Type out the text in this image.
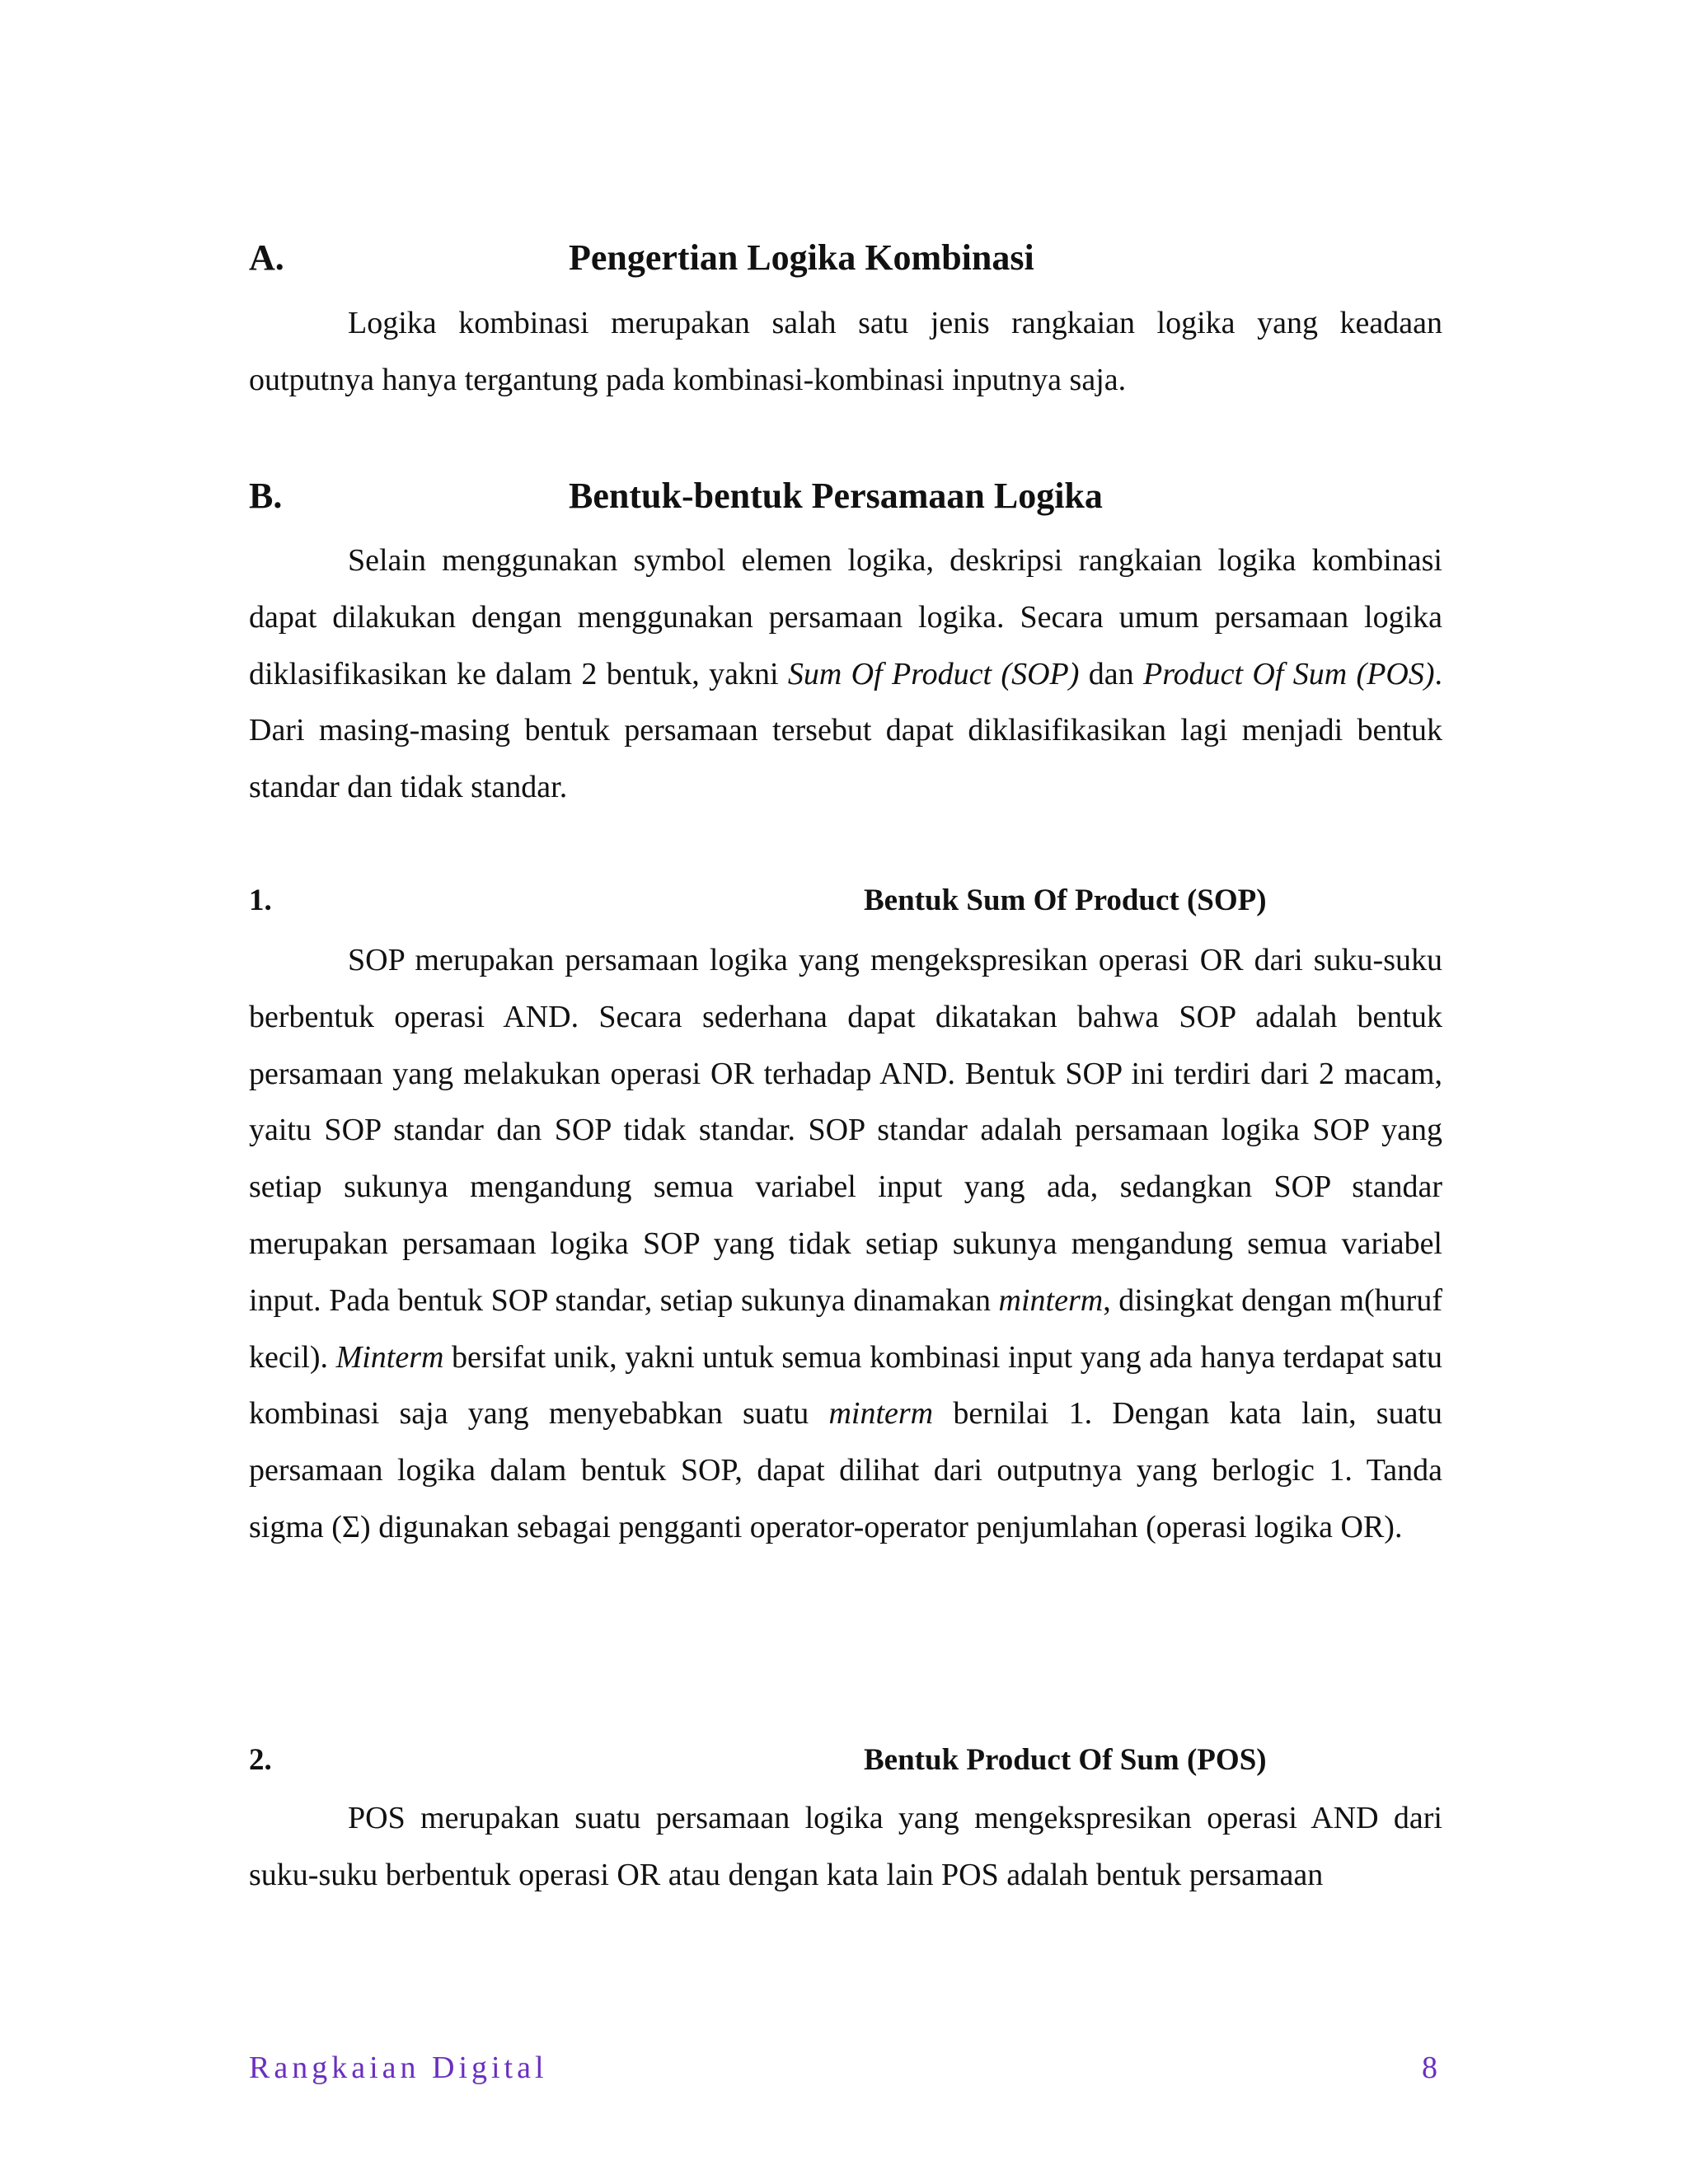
A.	Pengertian Logika Kombinasi

Logika kombinasi merupakan salah satu jenis rangkaian logika yang keadaan outputnya hanya tergantung pada kombinasi-kombinasi inputnya saja.

B.	Bentuk-bentuk Persamaan Logika

Selain menggunakan symbol elemen logika, deskripsi rangkaian logika kombinasi dapat dilakukan dengan menggunakan persamaan logika. Secara umum persamaan logika diklasifikasikan ke dalam 2 bentuk, yakni Sum Of Product (SOP) dan Product Of Sum (POS). Dari masing-masing bentuk persamaan tersebut dapat diklasifikasikan lagi menjadi bentuk standar dan tidak standar.

1.	Bentuk Sum Of Product (SOP)

SOP merupakan persamaan logika yang mengekspresikan operasi OR dari suku-suku berbentuk operasi AND. Secara sederhana dapat dikatakan bahwa SOP adalah bentuk persamaan yang melakukan operasi OR terhadap AND. Bentuk SOP ini terdiri dari 2 macam, yaitu SOP standar dan SOP tidak standar. SOP standar adalah persamaan logika SOP yang setiap sukunya mengandung semua variabel input yang ada, sedangkan SOP standar merupakan persamaan logika SOP yang tidak setiap sukunya mengandung semua variabel input. Pada bentuk SOP standar, setiap sukunya dinamakan minterm, disingkat dengan m(huruf kecil). Minterm bersifat unik, yakni untuk semua kombinasi input yang ada hanya terdapat satu kombinasi saja yang menyebabkan suatu minterm bernilai 1. Dengan kata lain, suatu persamaan logika dalam bentuk SOP, dapat dilihat dari outputnya yang berlogic 1. Tanda sigma (Σ) digunakan sebagai pengganti operator-operator penjumlahan (operasi logika OR).

2.	Bentuk Product Of Sum (POS)

POS merupakan suatu persamaan logika yang mengekspresikan operasi AND dari suku-suku berbentuk operasi OR atau dengan kata lain POS adalah bentuk persamaan

Rangkaian Digital	8
